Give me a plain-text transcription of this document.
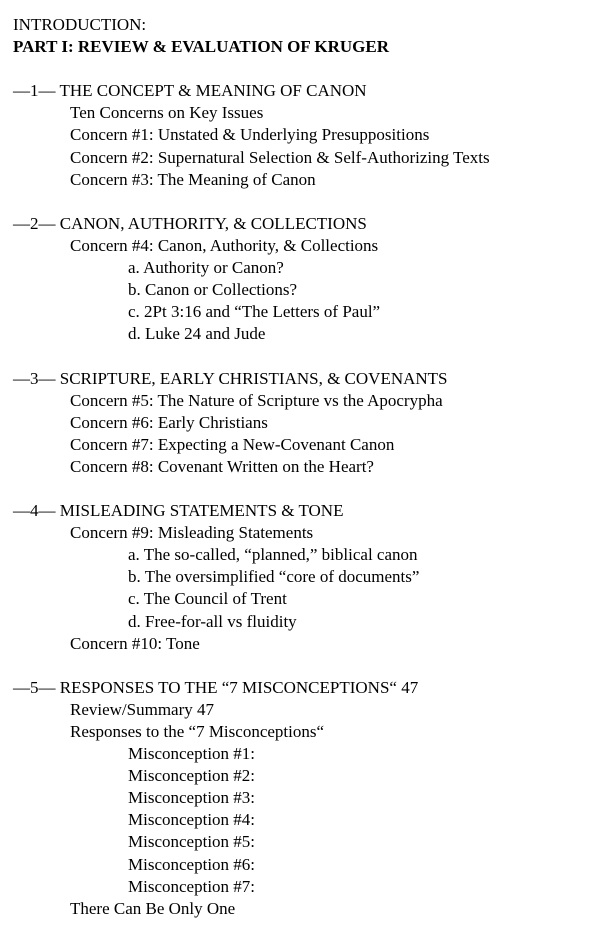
INTRODUCTION:
PART I: REVIEW & EVALUATION OF KRUGER
—1— THE CONCEPT & MEANING OF CANON
Ten Concerns on Key Issues
Concern #1: Unstated & Underlying Presuppositions
Concern #2: Supernatural Selection & Self-Authorizing Texts
Concern #3: The Meaning of Canon
—2— CANON, AUTHORITY, & COLLECTIONS
Concern #4: Canon, Authority, & Collections
a. Authority or Canon?
b. Canon or Collections?
c. 2Pt 3:16 and “The Letters of Paul”
d. Luke 24 and Jude
—3— SCRIPTURE, EARLY CHRISTIANS, & COVENANTS
Concern #5: The Nature of Scripture vs the Apocrypha
Concern #6: Early Christians
Concern #7: Expecting a New-Covenant Canon
Concern #8: Covenant Written on the Heart?
—4— MISLEADING STATEMENTS & TONE
Concern #9: Misleading Statements
a. The so-called, “planned,” biblical canon
b. The oversimplified “core of documents”
c. The Council of Trent
d. Free-for-all vs fluidity
Concern #10: Tone
—5— RESPONSES TO THE “7 MISCONCEPTIONS“ 47
Review/Summary 47
Responses to the “7 Misconceptions“
Misconception #1:
Misconception #2:
Misconception #3:
Misconception #4:
Misconception #5:
Misconception #6:
Misconception #7:
There Can Be Only One
